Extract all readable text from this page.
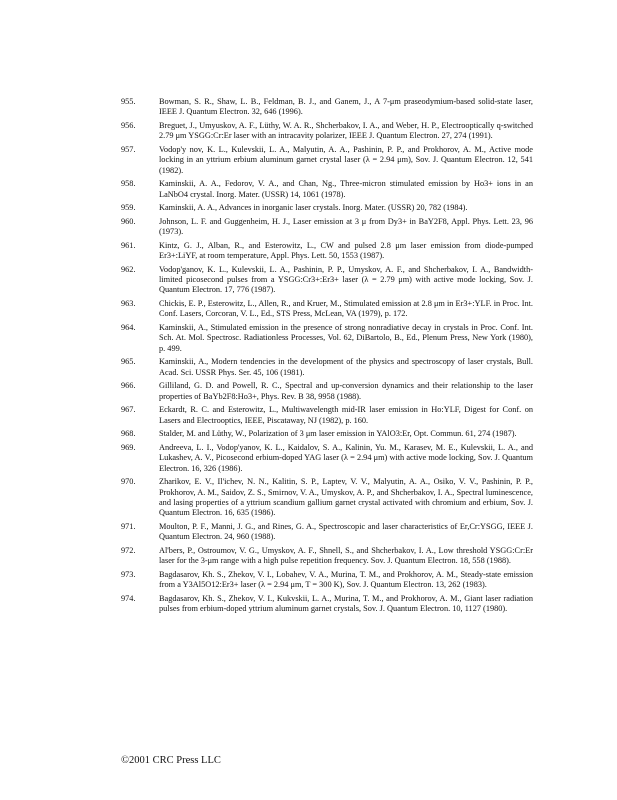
955.	Bowman, S. R., Shaw, L. B., Feldman, B. J., and Ganem, J., A 7-μm praseodymium-based solid-state laser, IEEE J. Quantum Electron. 32, 646 (1996).
956.	Breguet, J., Umyuskov, A. F., Lüthy, W. A. R., Shcherbakov, I. A., and Weber, H. P., Electrooptically q-switched 2.79 μm YSGG:Cr:Er laser with an intracavity polarizer, IEEE J. Quantum Electron. 27, 274 (1991).
957.	Vodop'y nov, K. L., Kulevskii, L. A., Malyutin, A. A., Pashinin, P. P., and Prokhorov, A. M., Active mode locking in an yttrium erbium aluminum garnet crystal laser (λ = 2.94 μm), Sov. J. Quantum Electron. 12, 541 (1982).
958.	Kaminskii, A. A., Fedorov, V. A., and Chan, Ng., Three-micron stimulated emission by Ho3+ ions in an LaNbO4 crystal. Inorg. Mater. (USSR) 14, 1061 (1978).
959.	Kaminskii, A. A., Advances in inorganic laser crystals. Inorg. Mater. (USSR) 20, 782 (1984).
960.	Johnson, L. F. and Guggenheim, H. J., Laser emission at 3 μ from Dy3+ in BaY2F8, Appl. Phys. Lett. 23, 96 (1973).
961.	Kintz, G. J., Alban, R., and Esterowitz, L., CW and pulsed 2.8 μm laser emission from diode-pumped Er3+:LiYF, at room temperature, Appl. Phys. Lett. 50, 1553 (1987).
962.	Vodop'ganov, K. L., Kulevskii, L. A., Pashinin, P. P., Umyskov, A. F., and Shcherbakov, I. A., Bandwidth-limited picosecond pulses from a YSGG:Cr3+:Er3+ laser (λ = 2.79 μm) with active mode locking, Sov. J. Quantum Electron. 17, 776 (1987).
963.	Chickis, E. P., Esterowitz, L., Allen, R., and Kruer, M., Stimulated emission at 2.8 μm in Er3+:YLF. in Proc. Int. Conf. Lasers, Corcoran, V. L., Ed., STS Press, McLean, VA (1979), p. 172.
964.	Kaminskii, A., Stimulated emission in the presence of strong nonradiative decay in crystals in Proc. Conf. Int. Sch. At. Mol. Spectrosc. Radiationless Processes, Vol. 62, DiBartolo, B., Ed., Plenum Press, New York (1980), p. 499.
965.	Kaminskii, A., Modern tendencies in the development of the physics and spectroscopy of laser crystals, Bull. Acad. Sci. USSR Phys. Ser. 45, 106 (1981).
966.	Gilliland, G. D. and Powell, R. C., Spectral and up-conversion dynamics and their relationship to the laser properties of BaYb2F8:Ho3+, Phys. Rev. B 38, 9958 (1988).
967.	Eckardt, R. C. and Esterowitz, L., Multiwavelength mid-IR laser emission in Ho:YLF, Digest for Conf. on Lasers and Electrooptics, IEEE, Piscataway, NJ (1982), p. 160.
968.	Stalder, M. and Lüthy, W., Polarization of 3 μm laser emission in YAlO3:Er, Opt. Commun. 61, 274 (1987).
969.	Andreeva, L. I., Vodop'yanov, K. L., Kaidalov, S. A., Kalinin, Yu. M., Karasev, M. E., Kulevskii, L. A., and Lukashev, A. V., Picosecond erbium-doped YAG laser (λ = 2.94 μm) with active mode locking, Sov. J. Quantum Electron. 16, 326 (1986).
970.	Zharikov, E. V., Il'ichev, N. N., Kalitin, S. P., Laptev, V. V., Malyutin, A. A., Osiko, V. V., Pashinin, P. P., Prokhorov, A. M., Saidov, Z. S., Smirnov, V. A., Umyskov, A. P., and Shcherbakov, I. A., Spectral luminescence, and lasing properties of a yttrium scandium gallium garnet crystal activated with chromium and erbium, Sov. J. Quantum Electron. 16, 635 (1986).
971.	Moulton, P. F., Manni, J. G., and Rines, G. A., Spectroscopic and laser characteristics of Er,Cr:YSGG, IEEE J. Quantum Electron. 24, 960 (1988).
972.	Al'bers, P., Ostroumov, V. G., Umyskov, A. F., Shnell, S., and Shcherbakov, I. A., Low threshold YSGG:Cr:Er laser for the 3-μm range with a high pulse repetition frequency. Sov. J. Quantum Electron. 18, 558 (1988).
973.	Bagdasarov, Kh. S., Zhekov, V. I., Lobahev, V. A., Murina, T. M., and Prokhorov, A. M., Steady-state emission from a Y3Al5O12:Er3+ laser (λ = 2.94 μm, T = 300 K), Sov. J. Quantum Electron. 13, 262 (1983).
974.	Bagdasarov, Kh. S., Zhekov, V. I., Kukvskii, L. A., Murina, T. M., and Prokhorov, A. M., Giant laser radiation pulses from erbium-doped yttrium aluminum garnet crystals, Sov. J. Quantum Electron. 10, 1127 (1980).
©2001 CRC Press LLC
